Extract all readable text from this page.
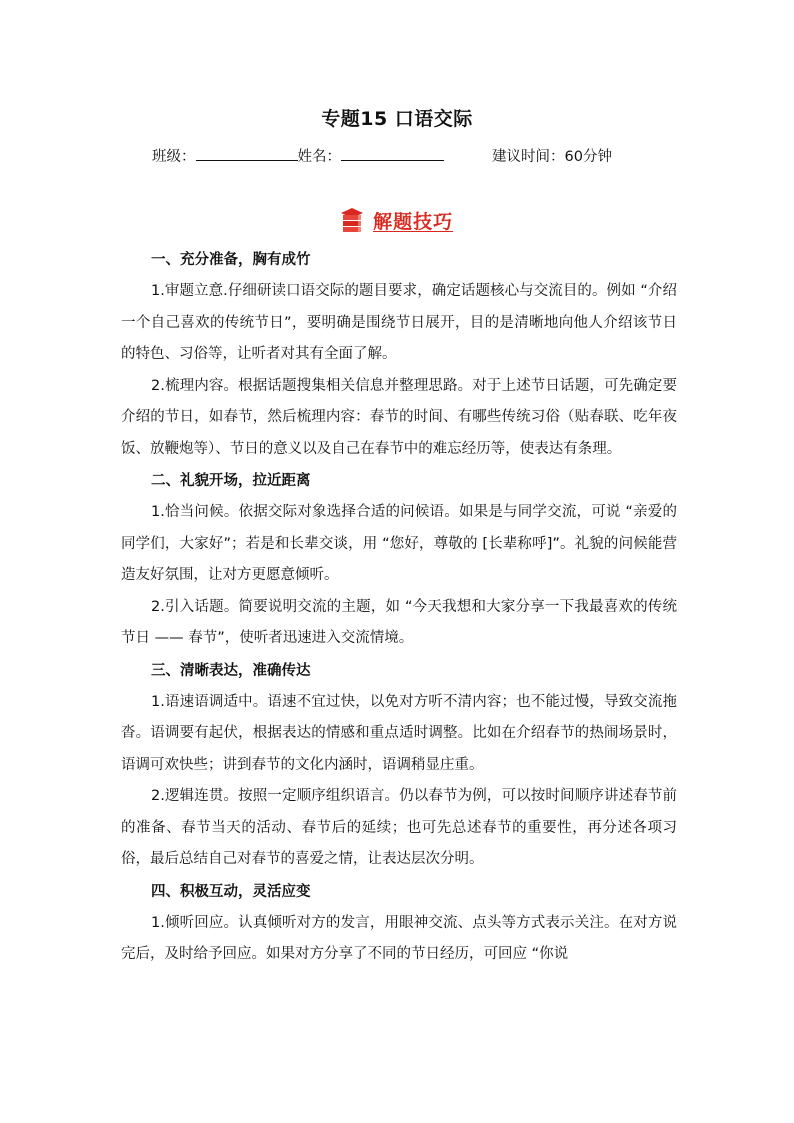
专题15 口语交际
班级：	姓名：	建议时间：60分钟
解题技巧

一、充分准备，胸有成竹

1.审题立意.仔细研读口语交际的题目要求，确定话题核心与交流目的。例如 “介绍一个自己喜欢的传统节日”，要明确是围绕节日展开，目的是清晰地向他人介绍该节日的特色、习俗等，让听者对其有全面了解。

2.梳理内容。根据话题搜集相关信息并整理思路。对于上述节日话题，可先确定要介绍的节日，如春节，然后梳理内容：春节的时间、有哪些传统习俗（贴春联、吃年夜饭、放鞭炮等）、节日的意义以及自己在春节中的难忘经历等，使表达有条理。

二、礼貌开场，拉近距离

1.恰当问候。依据交际对象选择合适的问候语。如果是与同学交流，可说 “亲爱的同学们，大家好”；若是和长辈交谈，用 “您好，尊敬的 [长辈称呼]”。礼貌的问候能营造友好氛围，让对方更愿意倾听。

2.引入话题。简要说明交流的主题，如 “今天我想和大家分享一下我最喜欢的传统节日 —— 春节”，使听者迅速进入交流情境。

三、清晰表达，准确传达

1.语速语调适中。语速不宜过快，以免对方听不清内容；也不能过慢，导致交流拖沓。语调要有起伏，根据表达的情感和重点适时调整。比如在介绍春节的热闹场景时，语调可欢快些；讲到春节的文化内涵时，语调稍显庄重。

2.逻辑连贯。按照一定顺序组织语言。仍以春节为例，可以按时间顺序讲述春节前的准备、春节当天的活动、春节后的延续；也可先总述春节的重要性，再分述各项习俗，最后总结自己对春节的喜爱之情，让表达层次分明。

四、积极互动，灵活应变

1.倾听回应。认真倾听对方的发言，用眼神交流、点头等方式表示关注。在对方说完后，及时给予回应。如果对方分享了不同的节日经历，可回应 “你说
